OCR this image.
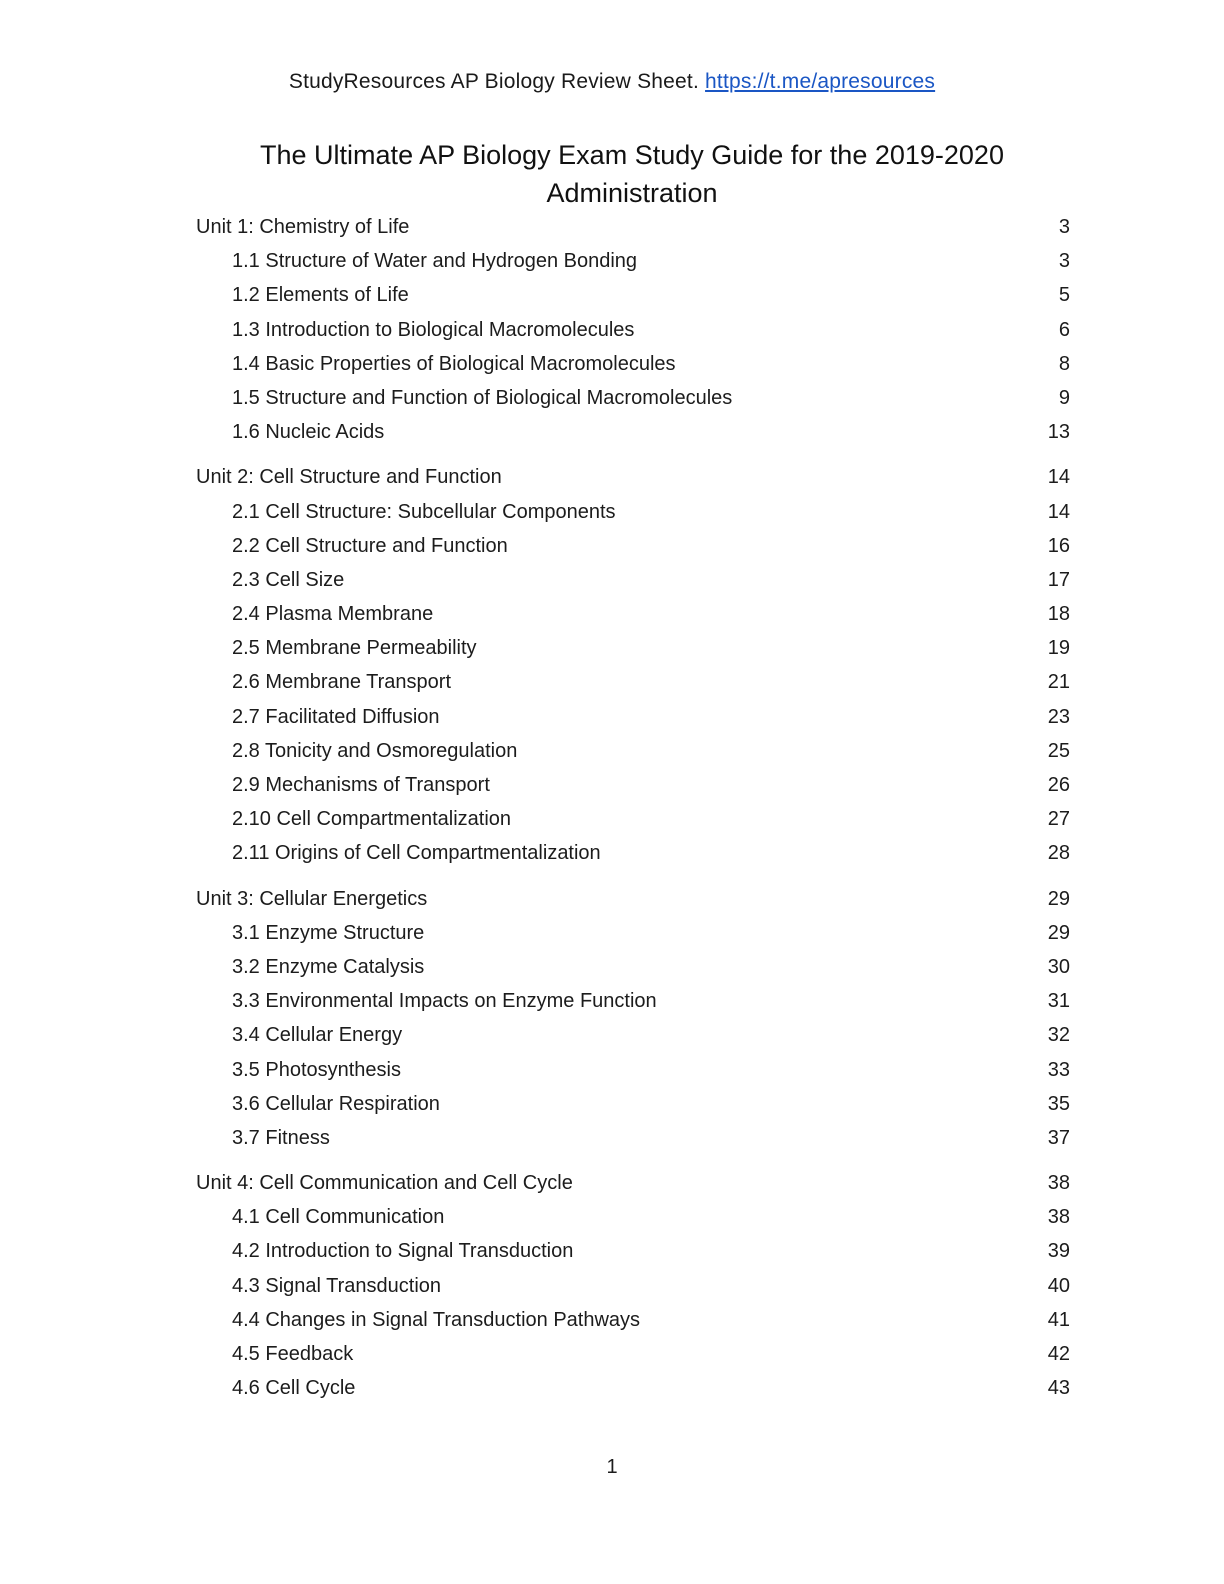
StudyResources AP Biology Review Sheet. https://t.me/apresources
The Ultimate AP Biology Exam Study Guide for the 2019-2020 Administration
Unit 1: Chemistry of Life	3
1.1 Structure of Water and Hydrogen Bonding	3
1.2 Elements of Life	5
1.3 Introduction to Biological Macromolecules	6
1.4 Basic Properties of Biological Macromolecules	8
1.5 Structure and Function of Biological Macromolecules	9
1.6 Nucleic Acids	13
Unit 2: Cell Structure and Function	14
2.1 Cell Structure: Subcellular Components	14
2.2 Cell Structure and Function	16
2.3 Cell Size	17
2.4 Plasma Membrane	18
2.5 Membrane Permeability	19
2.6 Membrane Transport	21
2.7 Facilitated Diffusion	23
2.8 Tonicity and Osmoregulation	25
2.9 Mechanisms of Transport	26
2.10 Cell Compartmentalization	27
2.11 Origins of Cell Compartmentalization	28
Unit 3: Cellular Energetics	29
3.1 Enzyme Structure	29
3.2 Enzyme Catalysis	30
3.3 Environmental Impacts on Enzyme Function	31
3.4 Cellular Energy	32
3.5 Photosynthesis	33
3.6 Cellular Respiration	35
3.7 Fitness	37
Unit 4: Cell Communication and Cell Cycle	38
4.1 Cell Communication	38
4.2 Introduction to Signal Transduction	39
4.3 Signal Transduction	40
4.4 Changes in Signal Transduction Pathways	41
4.5 Feedback	42
4.6 Cell Cycle	43
1
